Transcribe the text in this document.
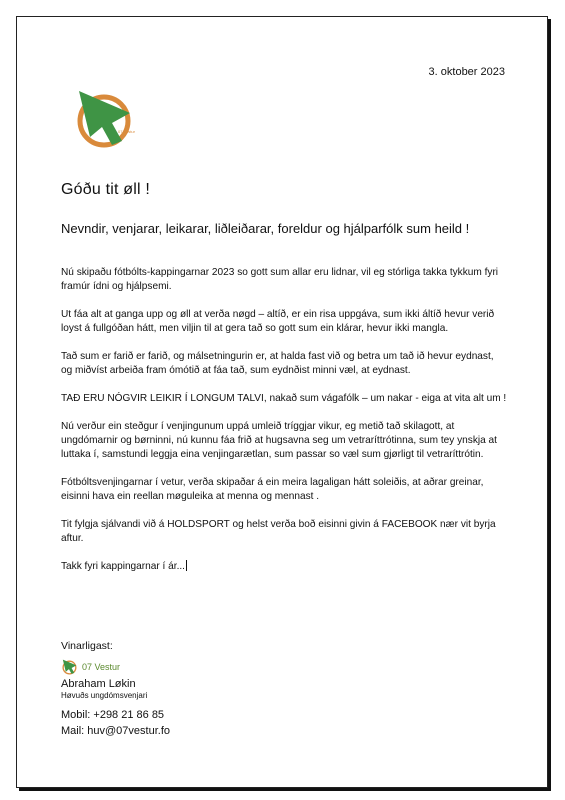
3. oktober 2023
07 Vestur
Góðu tit øll !
Nevndir, venjarar, leikarar, liðleiðarar, foreldur og hjálparfólk sum heild !

Nú skipaðu fótbólts-kappingarnar 2023 so gott sum allar eru lidnar, vil eg stórliga takka tykkum fyri framúr ídni og hjálpsemi.

Ut fáa alt at ganga upp og øll at verða nøgd – altíð, er ein risa uppgáva, sum ikki áltíð hevur verið loyst á fullgóðan hátt, men viljin til at gera tað so gott sum ein klárar, hevur ikki mangla.

Tað sum er farið er farið, og málsetningurin er, at halda fast við og betra um tað ið hevur eydnast, og miðvíst arbeiða fram ómótið at fáa tað, sum eydnðist minni væl, at eydnast.

TAÐ ERU NÓGVIR LEIKIR Í LONGUM TALVI, nakað sum vágafólk – um nakar - eiga at vita alt um !

Nú verður ein steðgur í venjingunum uppá umleið tríggjar vikur, eg metið tað skilagott, at ungdómarnir og børninni, nú kunnu fáa frið at hugsavna seg um vetraríttrótinna, sum tey ynskja at luttaka í, samstundi leggja eina venjingarætlan, sum passar so væl sum gjørligt til vetraríttrótin.

Fótbóltsvenjingarnar í vetur, verða skipaðar á ein meira lagaligan hátt soleiðis, at aðrar greinar, eisinni hava ein reellan møguleika at menna og mennast .

Tit fylgja sjálvandi við á HOLDSPORT og helst verða boð eisinni givin á FACEBOOK nær vit byrja aftur.

Takk fyri kappingarnar í ár...

Vinarligast:
07 Vestur
Abraham Løkin
Høvuðs ungdómsvenjari
Mobil: +298 21 86 85
Mail: huv@07vestur.fo
